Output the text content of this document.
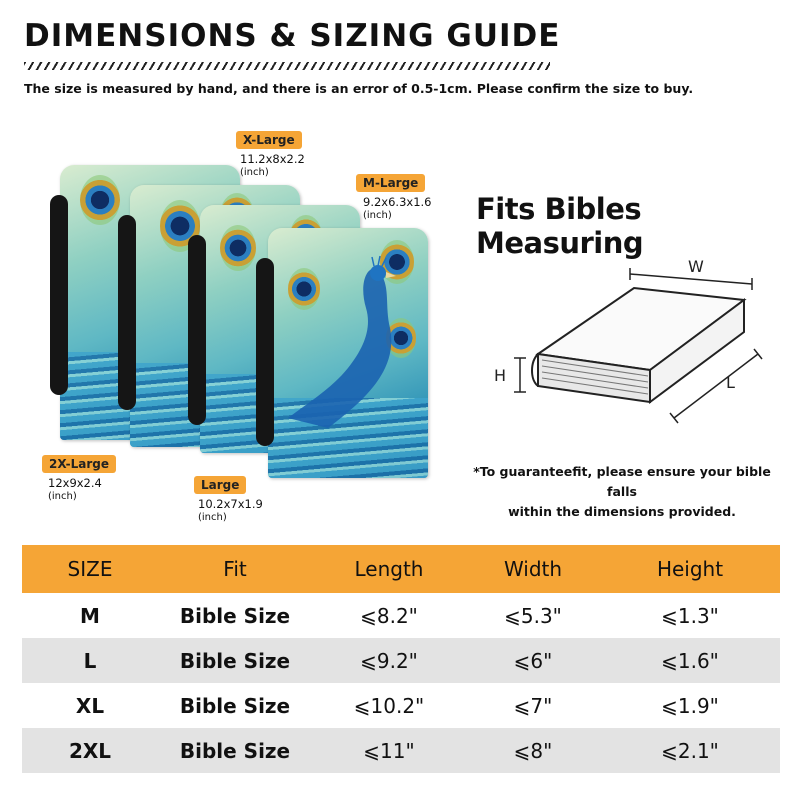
DIMENSIONS & SIZING GUIDE
The size is measured by hand, and there is an error of 0.5-1cm. Please confirm the size to buy.
X-Large
11.2x8x2.2
(inch)
M-Large
9.2x6.3x1.6
(inch)
2X-Large
12x9x2.4
(inch)
Large
10.2x7x1.9
(inch)
Fits Bibles Measuring
W
H	L
*To guaranteefit, please ensure your bible falls
within the dimensions provided.
SIZE	Fit	Length	Width	Height
M	Bible Size	⩽8.2"	⩽5.3"	⩽1.3"
L	Bible Size	⩽9.2"	⩽6"	⩽1.6"
XL	Bible Size	⩽10.2"	⩽7"	⩽1.9"
2XL	Bible Size	⩽11"	⩽8"	⩽2.1"
